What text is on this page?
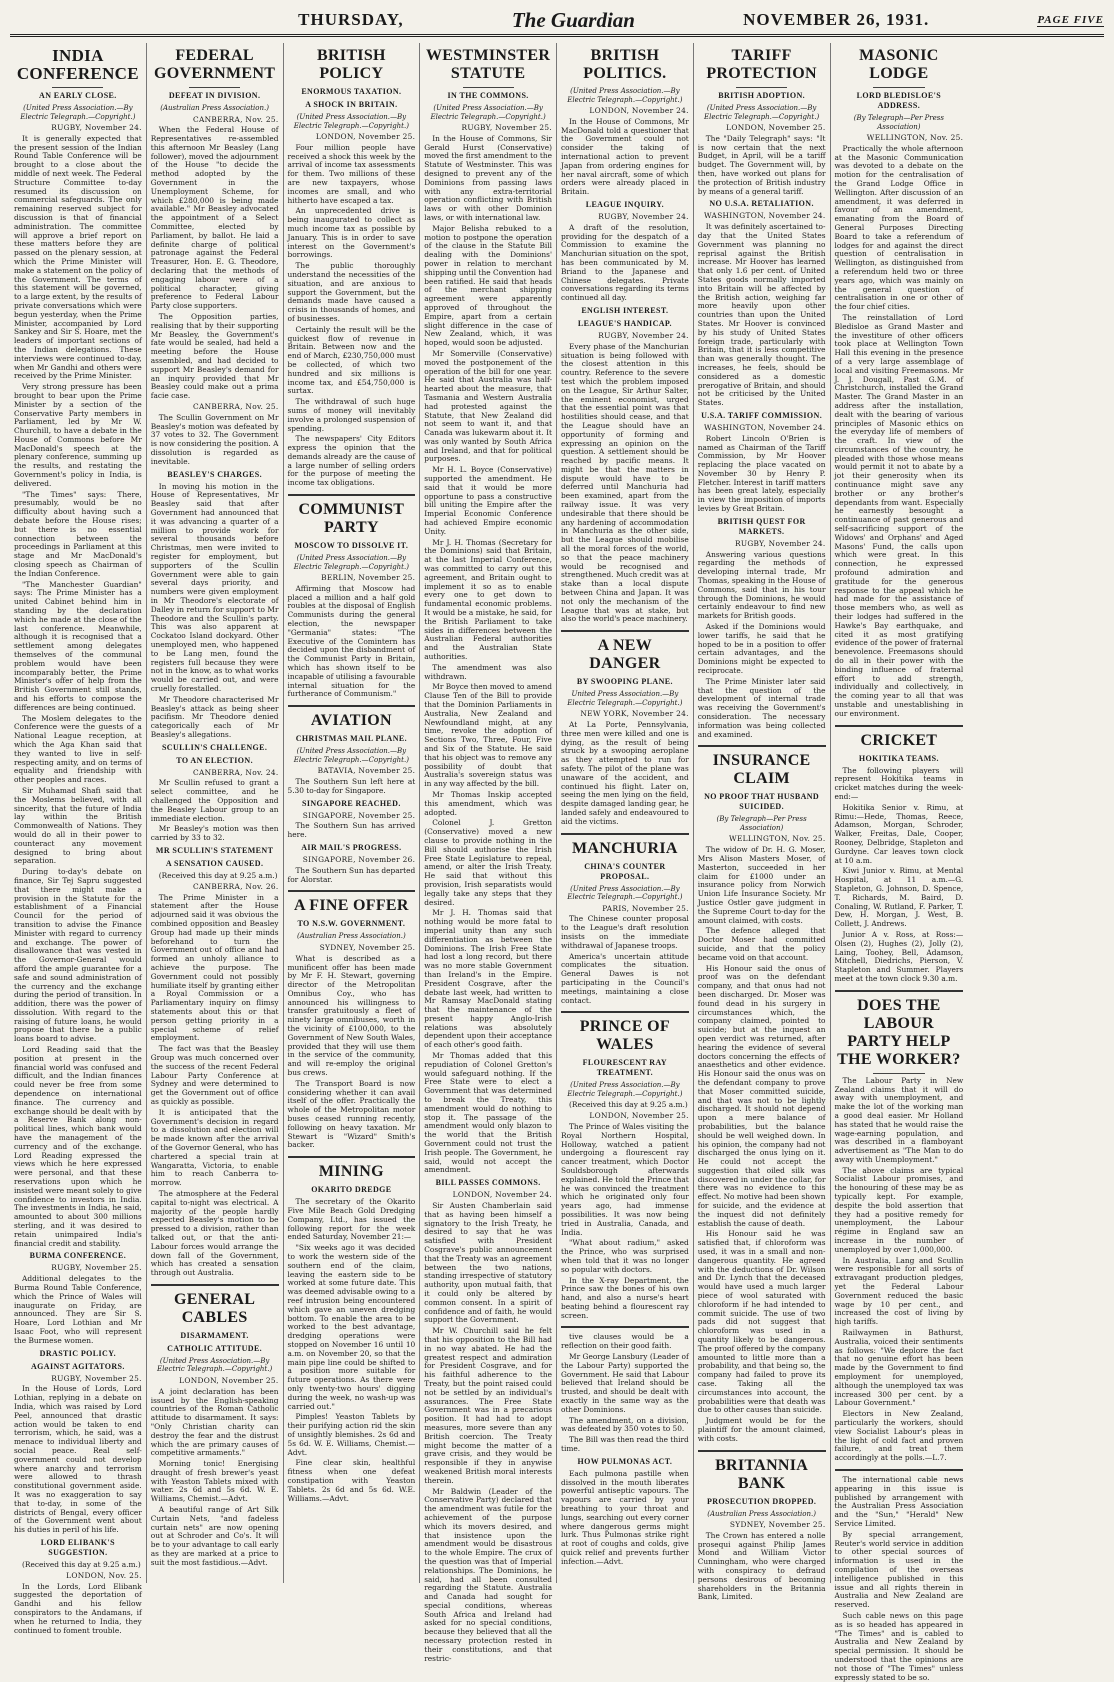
THURSDAY,	The Guardian	NOVEMBER 26, 1931.	PAGE FIVE
INDIA CONFERENCE
AN EARLY CLOSE.
(United Press Association.—By Electric Telegraph.—Copyright.)
RUGBY, November 24.

It is generally expected that the present session of the Indian Round Table Conference will be brought to a close about the middle of next week. The Federal Structure Committee to-day resumed its discussion on commercial safeguards. The only remaining reserved subject for discussion is that of financial administration. The committee will approve a brief report on these matters before they are passed on the plenary session, at which the Prime Minister will make a statement on the policy of the Government. The terms of this statement will be governed, to a large extent, by the results of private conversations which were begun yesterday, when the Prime Minister, accompanied by Lord Sankey and Sir S. Hoare, met the leaders of important sections of the Indian delegations. These interviews were continued to-day, when Mr Gandhi and others were received by the Prime Minister.

Very strong pressure has been brought to bear upon the Prime Minister by a section of the Conservative Party members in Parliament, led by Mr W. Churchill, to have a debate in the House of Commons before Mr MacDonald's speech at the plenary conference, summing up the results, and restating the Government's policy in India, is delivered.

"The Times" says: There, presumably, would be no difficulty about having such a debate before the House rises; but there is no essential connection between the proceedings in Parliament at this stage and Mr MacDonald's closing speech as Chairman of the Indian Conference.

"The Manchester Guardian" says: The Prime Minister has a united Cabinet behind him in standing by the declaration which he made at the close of the last conference. Meanwhile, although it is recognised that a settlement among delegates themselves of the communal problem would have been incomparably better, the Prime Minister's offer of help from the British Government still stands, and his efforts to compose the differences are being continued.

The Moslem delegates to the Conference were the guests of a National League reception, at which the Aga Khan said that they wanted to live in self-respecting amity, and on terms of equality and friendship with other peoples and races.

Sir Muhamad Shafi said that the Moslems believed, with all sincerity, that the future of India lay within the British Commonwealth of Nations. They would do all in their power to counteract any movement designed to bring about separation.

During to-day's debate on finance, Sir Tej Sapru suggested that there might make a provision in the Statute for the establishment of a Financial Council for the period of transition to advise the Finance Minister with regard to currency and exchange. The power of disallowance that was vested in the Governor-General would afford the ample guarantee for a safe and sound administration of the currency and the exchange during the period of transition. In addition, there was the power of dissolution. With regard to the raising of future loans, he would propose that there be a public loans board to advise.

Lord Reading said that the position at present in the financial world was confused and difficult, and the Indian finances could never be free from some dependence on international finance. The currency and exchange should be dealt with by a Reserve Bank along non-political lines, which bank would have the management of the currency and of the exchange. Lord Reading expressed the views which he here expressed were personal, and that these reservations upon which he insisted were meant solely to give confidence to investors in India. The investments in India, he said, amounted to about 300 millions sterling, and it was desired to retain unimpaired India's financial credit and stability.

BURMA CONFERENCE.
RUGBY, November 25.

Additional delegates to the Burma Round Table Conference, which the Prince of Wales will inaugurate on Friday, are announced. They are Sir S. Hoare, Lord Lothian and Mr Isaac Foot, who will represent the Burmese women.

DRASTIC POLICY.
AGAINST AGITATORS.
RUGBY, November 25.

In the House of Lords, Lord Lothian, replying in a debate on India, which was raised by Lord Peel, announced that drastic action would be taken to end terrorism, which, he said, was a menace to individual liberty and social peace. Real self-government could not develop where anarchy and terrorism were allowed to thrash constitutional government aside. It was no exaggeration to say that to-day, in some of the districts of Bengal, every officer of the Government went about his duties in peril of his life.

LORD ELIBANK'S SUGGESTION.

(Received this day at 9.25 a.m.)

LONDON, Nov. 25.

In the Lords, Lord Elibank suggested the deportation of Gandhi and his fellow conspirators to the Andamans, if when he returned to India, they continued to foment trouble.

FEDERAL GOVERNMENT
DEFEAT IN DIVISION.
(Australian Press Association.)
CANBERRA, Nov. 25.

When the Federal House of Representatives re-assembled this afternoon Mr Beasley (Lang follower), moved the adjournment of the House "to decide the method adopted by the Government in the Unemployment Scheme, for which £280,000 is being made available." Mr Beasley advocated the appointment of a Select Committee, elected by Parliament, by ballot. He laid a definite charge of political patronage against the Federal Treasurer, Hon. E. G. Theodore, declaring that the methods of engaging labour were of a political character, giving preference to Federal Labour Party close supporters.

The Opposition parties, realising that by their supporting Mr Beasley, the Government's fate would be sealed, had held a meeting before the House assembled, and had decided to support Mr Beasley's demand for an inquiry provided that Mr Beasley could make out a prima facie case.

CANBERRA, Nov. 25.

The Scullin Government on Mr Beasley's motion was defeated by 37 votes to 32. The Government is now considering the position. A dissolution is regarded as inevitable.

BEASLEY'S CHARGES.

In moving his motion in the House of Representatives, Mr Beasley said that after Government had announced that it was advancing a quarter of a million to provide work for several thousands before Christmas, men were invited to register for employment, but supporters of the Scullin Government were able to gain several days priority, and numbers were given employment in Mr Theodore's electorate of Dalley in return for support to Mr Theodore and the Scullin's party. This was also apparent at Cockatoo Island dockyard. Other unemployed men, who happened to be Lang men, found the registers full because they were not in the know, as to what works would be carried out, and were cruelly forestalled.

Mr Theodore characterised Mr Beasley's attack as being sheer pacifism. Mr Theodore denied categorically each of Mr Beasley's allegations.

SCULLIN'S CHALLENGE.
TO AN ELECTION.
CANBERRA, Nov. 24.

Mr Scullin refused to grant a select committee, and he challenged the Opposition and the Beasley Labour group to an immediate election.

Mr Beasley's motion was then carried by 33 to 32.

MR SCULLIN'S STATEMENT
A SENSATION CAUSED.

(Received this day at 9.25 a.m.)

CANBERRA, Nov. 26.

The Prime Minister in a statement after the House adjourned said it was obvious the combined opposition and Beasley Group had made up their minds beforehand to turn the Government out of office and had formed an unholy alliance to achieve the purpose. The Government could not possibly humiliate itself by granting either a Royal Commission or a Parliamentary inquiry on flimsy statements about this or that person getting priority in a special scheme of relief employment.

The fact was that the Beasley Group was much concerned over the success of the recent Federal Labour Party Conference at Sydney and were determined to get the Government out of office as quickly as possible.

It is anticipated that the Government's decision in regard to a dissolution and election will be made known after the arrival of the Governor General, who has chartered a special train at Wangaratta, Victoria, to enable him to reach Canberra to-morrow.

The atmosphere at the Federal capital to-night was electrical. A majority of the people hardly expected Beasley's motion to be pressed to a division, rather than talked out, or that the anti-Labour forces would arrange the down fall of the Government, which has created a sensation through out Australia.

GENERAL CABLES
DISARMAMENT.
CATHOLIC ATTITUDE.
(United Press Association.—By Electric Telegraph.—Copyright.)
LONDON, November 25.

A joint declaration has been issued by the English-speaking countries of the Roman Catholic attitude to disarmament. It says: "Only Christian charity can destroy the fear and the distrust which the are primary causes of competitive armaments."

Morning tonic! Energising draught of fresh brewer's yeast with Yeaston Tablets mixed with water. 2s 6d and 5s 6d. W. E. Williams, Chemist.—Advt.

A beautiful range of Art Silk Curtain Nets, "and fadeless curtain nets" are now opening out at Schroder and Co's. It will be to your advantage to call early as they are marked at a price to suit the most fastidious.—Advt.

BRITISH POLICY
ENORMOUS TAXATION.
A SHOCK IN BRITAIN.
(United Press Association.—By Electric Telegraph.—Copyright.)
LONDON, November 25.

Four million people have received a shock this week by the arrival of income tax assessments for them. Two millions of these are new taxpayers, whose incomes are small, and who hitherto have escaped a tax.

An unprecedented drive is being inaugurated to collect as much income tax as possible by January. This is in order to save interest on the Government's borrowings.

The public thoroughly understand the necessities of the situation, and are anxious to support the Government, but the demands made have caused a crisis in thousands of homes, and of businesses.

Certainly the result will be the quickest flow of revenue in Britain. Between now and the end of March, £230,750,000 must be collected, of which two hundred and six millions is income tax, and £54,750,000 is surtax.

The withdrawal of such huge sums of money will inevitably involve a prolonged suspension of spending.

The newspapers' City Editors express the opinion that the demands already are the cause of a large number of selling orders for the purpose of meeting the income tax obligations.

COMMUNIST PARTY
MOSCOW TO DISSOLVE IT.
(United Press Association.—By Electric Telegraph.—Copyright.)
BERLIN, November 25.

Affirming that Moscow had placed a million and a half gold roubles at the disposal of English Communists during the general election, the newspaper "Germania" states: "The Executive of the Comintern has decided upon the disbandment of the Communist Party in Britain, which has shown itself to be incapable of utilising a favourable internal situation for the furtherance of Communism."

AVIATION
CHRISTMAS MAIL PLANE.
(United Press Association.—By Electric Telegraph.—Copyright.)
BATAVIA, November 25.

The Southern Sun left here at 5.30 to-day for Singapore.

SINGAPORE REACHED.
SINGAPORE, November 25.

The Southern Sun has arrived here.

AIR MAIL'S PROGRESS.
SINGAPORE, November 26.

The Southern Sun has departed for Alorstar.

A FINE OFFER
TO N.S.W. GOVERNMENT.
(Australian Press Association.)
SYDNEY, November 25.

What is described as a munificent offer has been made by Mr F. H. Stewart, governing director of the Metropolitan Omnibus Coy., who has announced his willingness to transfer gratuitously a fleet of ninety large omnibuses, worth in the vicinity of £100,000, to the Government of New South Wales, provided that they will use them in the service of the community, and will re-employ the original bus crews.

The Transport Board is now considering whether it can avail itself of the offer. Practically the whole of the Metropolitan motor buses ceased running recently, following on heavy taxation. Mr Stewart is "Wizard" Smith's backer.

MINING
OKARITO DREDGE

The secretary of the Okarito Five Mile Beach Gold Dredging Company, Ltd., has issued the following report for the week ended Saturday, November 21:—

"Six weeks ago it was decided to work the western side of the southern end of the claim, leaving the eastern side to be worked at some future date. This was deemed advisable owing to a reef intrusion being encountered which gave an uneven dredging bottom. To enable the area to be worked to the best advantage, dredging operations were stopped on November 16 until 10 a.m. on November 20, so that the main pipe line could be shifted to a position more suitable for future operations. As there were only twenty-two hours' digging during the week, no wash-up was carried out."

Pimples! Yeaston Tablets by their purifying action rid the skin of unsightly blemishes. 2s 6d and 5s 6d. W. E. Williams, Chemist.—Advt.

Fine clear skin, healthful fitness when one defeat constipation with Yeaston Tablets. 2s 6d and 5s 6d. W.E. Williams.—Advt.

WESTMINSTER STATUTE
IN THE COMMONS.
(United Press Association.—By Electric Telegraph.—Copyright.)
RUGBY, November 25.

In the House of Commons, Sir Gerald Hurst (Conservative) moved the first amendment to the Statute of Westminster. This was designed to prevent any of the Dominions from passing laws with any extra-territorial operation conflicting with British laws or with other Dominion laws, or with international law.

Major Belisha rebuked to a motion to postpone the operation of the clause in the Statute Bill dealing with the Dominions' power in relation to merchant shipping until the Convention had been ratified. He said that heads of the merchant shipping agreement were apparently approved of throughout the Empire, apart from a certain slight difference in the case of New Zealand, which, it was hoped, would soon be adjusted.

Mr Somerville (Conservative) moved the postponement of the operation of the bill for one year. He said that Australia was half-hearted about the measure, that Tasmania and Western Australia had protested against the Statute, that New Zealand did not seem to want it, and that Canada was lukewarm about it. It was only wanted by South Africa and Ireland, and that for political purposes.

Mr H. L. Boyce (Conservative) supported the amendment. He said that it would be more opportune to pass a constructive bill uniting the Empire after the Imperial Economic Conference had achieved Empire economic Unity.

Mr J. H. Thomas (Secretary for the Dominions) said that Britain, at the last Imperial Conference, was committed to carry out this agreement, and Britain ought to implement it so as to enable every one to get down to fundamental economic problems. It would be a mistake, he said, for the British Parliament to take sides in differences between the Australian Federal authorities and the Australian State authorities.

The amendment was also withdrawn.

Mr Boyce then moved to amend Clause Ten of the Bill to provide that the Dominion Parliaments in Australia, New Zealand and Newfoundland might, at any time, revoke the adoption of Sections Two, Three, Four, Five and Six of the Statute. He said that his object was to remove any possibility of doubt that Australia's sovereign status was in any way affected by the bill.

Mr Thomas Inskip accepted this amendment, which was adopted.

Colonel J. Gretton (Conservative) moved a new clause to provide nothing in the Bill should authorise the Irish Free State Legislature to repeal, amend, or alter the Irish Treaty. He said that without this provision, Irish separatists would legally take any steps that they desired.

Mr J. H. Thomas said that nothing would be more fatal to imperial unity than any such differentiation as between the Dominions. The Irish Free State had lost a long record, but there was no more stable Government than Ireland's in the Empire. President Cosgrave, after the debate last week, had written to Mr Ramsay MacDonald stating that the maintenance of the present happy Anglo-Irish relations was absolutely dependent upon their acceptance of each other's good faith.

Mr Thomas added that this repudiation of Colonel Gretton's would safeguard nothing. If the Free State were to elect a Government that was determined to break the Treaty, this amendment would do nothing to stop it. The passage of the amendment would only blazon to the world that the British Government could not trust the Irish people. The Government, he said, would not accept the amendment.

BILL PASSES COMMONS.
LONDON, November 24.

Sir Austen Chamberlain said that as having been himself a signatory to the Irish Treaty, he desired to say that he was satisfied with President Cosgrave's public announcement that the Treaty was an agreement between the two nations, standing irrespective of statutory authority, upon mutual faith, that it could only be altered by common consent. In a spirit of confidence and of faith, he would support the Government.

Mr W. Churchill said he felt that his opposition to the Bill had in no way abated. He had the greatest respect and admiration for President Cosgrave, and for his faithful adherence to the Treaty, but the point raised could not be settled by an individual's assurances. The Free State Government was in a precarious position. It had had to adopt measures, more severe than any British coercion. The Treaty might become the matter of a grave crisis, and they would be responsible if they in anywise weakened British moral interests therein.

Mr Baldwin (Leader of the Conservative Party) declared that the amendment was futile for the achievement of the purpose which its movers desired, and that insistence upon the amendment would be disastrous to the whole Empire. The crux of the question was that of Imperial relationships. The Dominions, he said, had all been consulted regarding the Statute. Australia and Canada had sought for special conditions, whereas South Africa and Ireland had asked for no special conditions, because they believed that all the necessary protection rested in their constitutions, and that restric-

BRITISH POLITICS.
(United Press Association.—By Electric Telegraph.—Copyright.)
LONDON, November 24.

In the House of Commons, Mr MacDonald told a questioner that the Government could not consider the taking of international action to prevent Japan from ordering engines for her naval aircraft, some of which orders were already placed in Britain.

LEAGUE INQUIRY.
RUGBY, November 24.

A draft of the resolution, providing for the despatch of a Commission to examine the Manchurian situation on the spot, has been communicated by M. Briand to the Japanese and Chinese delegates. Private conversations regarding its terms continued all day.

ENGLISH INTEREST.
LEAGUE'S HANDICAP.
RUGBY, November 24.

Every phase of the Manchurian situation is being followed with the closest attention in this country. Reference to the severe test which the problem imposed on the League, Sir Arthur Salter, the eminent economist, urged that the essential point was that hostilities should cease, and that the League should have an opportunity of forming and expressing an opinion on the question. A settlement should be reached by pacific means. It might be that the matters in dispute would have to be deferred until Manchuria had been examined, apart from the railway issue. It was very undesirable that there should be any hardening of accommodation in Manchuria as the other side, but the League should mobilise all the moral forces of the world, so that the peace machinery would be recognised and strengthened. Much credit was at stake than a local dispute between China and Japan. It was not only the mechanism of the League that was at stake, but also the world's peace machinery.

A NEW DANGER
BY SWOOPING PLANE.
United Press Association.—By Electric Telegraph.—Copyright.)
NEW YORK, November 24.

At La Porte, Pennsylvania, three men were killed and one is dying, as the result of being struck by a swooping aeroplane as they attempted to run for safety. The pilot of the plane was unaware of the accident, and continued his flight. Later on, seeing the men lying on the field, despite damaged landing gear, he landed safely and endeavoured to aid the victims.

MANCHURIA
CHINA'S COUNTER PROPOSAL.
(United Press Association.—By Electric Telegraph.—Copyright.)
PARIS, November 25.

The Chinese counter proposal to the League's draft resolution insists on the immediate withdrawal of Japanese troops.

America's uncertain attitude complicates the situation. General Dawes is not participating in the Council's meetings, maintaining a close contact.

PRINCE OF WALES
FLOURESCENT RAY TREATMENT.
(United Press Association.—By Electric Telegraph.—Copyright.)

(Received this day at 9.25 a.m.)

LONDON, November 25.

The Prince of Wales visiting the Royal Northern Hospital, Holloway, watched a patient undergoing a flourescent ray cancer treatment, which Doctor Souldsborough afterwards explained. He told the Prince that he was convinced the treatment which he originated only four years ago, had immense possibilities. It was now being tried in Australia, Canada, and India.

"What about radium," asked the Prince, who was surprised when told that it was no longer so popular with doctors.

In the X-ray Department, the Prince saw the bones of his own hand, and also a nurse's heart beating behind a flourescent ray screen.

tive clauses would be a reflection on their good faith.

Mr George Lansbury (Leader of the Labour Party) supported the Government. He said that Labour believed that Ireland should be trusted, and should be dealt with exactly in the same way as the other Dominions.

The amendment, on a division, was defeated by 350 votes to 50.

The Bill was then read the third time.

HOW PULMONAS ACT.

Each pulmona pastille when dissolved in the mouth liberates powerful antiseptic vapours. The vapours are carried by your breathing to your throat and lungs, searching out every corner where dangerous germs might lurk. Thus Pulmonas strike right at root of coughs and colds, give quick relief and prevents further infection.—Advt.

TARIFF PROTECTION
BRITISH ADOPTION.
(United Press Association.—By Electric Telegraph.—Copyright.)
LONDON, November 25.

The "Daily Telegraph" says: "It is now certain that the next Budget, in April, will be a tariff budget. The Government will, by then, have worked out plans for the protection of British industry by means of a general tariff.

NO U.S.A. RETALIATION.
WASHINGTON, November 24.

It was definitely ascertained to-day that the United States Government was planning no reprisal against the British increase. Mr Hoover has learned that only 1.6 per cent. of United States goods normally imported into Britain will be affected by the British action, weighing far more heavily upon other countries than upon the United States. Mr Hoover is convinced by his study of United States foreign trade, particularly with Britain, that it is less competitive than was generally thought. The increases, he feels, should be considered as a domestic prerogative of Britain, and should not be criticised by the United States.

U.S.A. TARIFF COMMISSION.
WASHINGTON, November 24.

Robert Lincoln O'Brien is named as Chairman of the Tariff Commission, by Mr Hoover replacing the place vacated on November 30 by Henry P. Fletcher. Interest in tariff matters has been great lately, especially in view the imposition of imports levies by Great Britain.

BRITISH QUEST FOR MARKETS.
RUGBY, November 24.

Answering various questions regarding the methods of developing internal trade, Mr Thomas, speaking in the House of Commons, said that in his tour through the Dominions, he would certainly endeavour to find new markets for British goods.

Asked if the Dominions would lower tariffs, he said that he hoped to be in a position to offer certain advantages, and the Dominions might be expected to reciprocate.

The Prime Minister later said that the question of the development of internal trade was receiving the Government's consideration. The necessary information was being collected and examined.

INSURANCE CLAIM
NO PROOF THAT HUSBAND SUICIDED.
(By Telegraph—Per Press Association)
WELLINGTON, Nov. 25.

The widow of Dr. H. G. Moser, Mrs Alison Masters Moser, of Masterton, succeeded in her claim for £1000 under an insurance policy from Norwich Union Life Insurance Society. Mr Justice Ostler gave judgment in the Supreme Court to-day for the amount claimed, with costs.

The defence alleged that Doctor Moser had committed suicide, and that the policy became void on that account.

His Honour said the onus of proof was on the defendant company, and that onus had not been discharged. Dr. Moser was found dead in his surgery in circumstances which, the company claimed, pointed to suicide; but at the inquest an open verdict was returned, after hearing the evidence of several doctors concerning the effects of anaesthetics and other evidence. His Honour said the onus was on the defendant company to prove that Moser committed suicide, and that was not to be lightly discharged. It should not depend upon a mere balance of probabilities, but the balance should be well weighed down. In his opinion, the company had not discharged the onus lying on it. He could not accept the suggestion that oiled silk was discovered in under the collar, for there was no evidence to this effect. No motive had been shown for suicide, and the evidence at the inquest did not definitely establish the cause of death.

His Honour said he was satisfied that, if chloroform was used, it was in a small and non-dangerous quantity. He agreed with the deductions of Dr. Wilson and Dr. Lynch that the deceased would have used a much larger piece of wool saturated with chloroform if he had intended to commit suicide. The use of two pads did not suggest that chloroform was used in a quantity likely to be dangerous. The proof offered by the company amounted to little more than a probability, and that being so, the company had failed to prove its case. Taking all the circumstances into account, the probabilities were that death was due to other causes than suicide.

Judgment would be for the plaintiff for the amount claimed, with costs.

BRITANNIA BANK
PROSECUTION DROPPED.
(Australian Press Association.)
SYDNEY, November 25.

The Crown has entered a nolle prosequi against Philip James Mond and William Victor Cunningham, who were charged with conspiracy to defraud persons desirous of becoming shareholders in the Britannia Bank, Limited.

MASONIC LODGE
LORD BLEDISLOE'S ADDRESS.
(By Telegraph—Per Press Association)
WELLINGTON, Nov. 25.

Practically the whole afternoon at the Masonic Communication was devoted to a debate on the motion for the centralisation of the Grand Lodge Office in Wellington. After discussion of an amendment, it was deferred in favour of an amendment, emanating from the Board of General Purposes Directing Board to take a referendum of lodges for and against the direct question of centralisation in Wellington, as distinguished from a referendum held two or three years ago, which was mainly on the general question of centralisation in one or other of the four chief cities.

The reinstallation of Lord Bledisloe as Grand Master and the investiture of other officers took place at Wellington Town Hall this evening in the presence of a very large assemblage of local and visiting Freemasons. Mr J. J. Dougall, Past G.M. of Christchurch, installed the Grand Master. The Grand Master in an address after the installation, dealt with the bearing of various principles of Masonic ethics on the everyday life of members of the craft. In view of the circumstances of the country, he pleaded with those whose means would permit it not to abate by a jot their generosity when its continuance might save any brother or any brother's dependants from want. Especially he earnestly besought a continuance of past generous and self-sacrificing support of the Widows' and Orphans' and Aged Masons' Fund, the calls upon which were great. In this connection, he expressed profound admiration and gratitude for the generous response to the appeal which he had made for the assistance of those members who, as well as their lodges had suffered in the Hawke's Bay earthquake, and cited it as most gratifying evidence of the power of fraternal benevolence. Freemasons should do all in their power with the binding influence of fraternal effort to add strength, individually and collectively, in the coming year to all that was unstable and unestablishing in our environment.

CRICKET
HOKITIKA TEAMS.

The following players will represent Hokitika teams in cricket matches during the week-end:—

Hokitika Senior v. Rimu, at Rimu:—Hede, Thomas, Reece, Adamson, Morgan, Schroder, Walker, Freitas, Dale, Cooper, Rooney, Delbridge, Stapleton and Gurdyne. Car leaves town clock at 10 a.m.

Kiwi Junior v. Rimu, at Mental Hospital, at 11 a.m.—G. Stapleton, G. Johnson, D. Spence, T. Richards, M. Baird, D. Conaling, W. Rutland, F. Parker, T. Dew, H. Morgan, J. West, B. Collett, J. Andrews.

Junior A v. Ross, at Ross:—Olsen (2), Hughes (2), Jolly (2), Laing, Toohey, Bell, Adamson, Mitchell, Diedrichs, Pierson, V. Stapleton and Summer. Players meet at the town clock 9.30 a.m.

DOES THE LABOUR PARTY HELP THE WORKER?

The Labour Party in New Zealand claims that it will do away with unemployment, and make the lot of the working man a good deal easier. Mr Holland has stated that he would raise the wage-earning population, and was described in a flamboyant advertisement as "The Man to do away with Unemployment."

The above claims are typical Socialist Labour promises, and the honouring of these may be as typically kept. For example, despite the bold assertion that they had a positive remedy for unemployment, the Labour régime in England saw an increase in the number of unemployed by over 1,000,000.

In Australia, Lang and Scullin were responsible for all sorts of extravagant production pledges, yet the Federal Labour Government reduced the basic wage by 10 per cent., and increased the cost of living by high tariffs.

Railwaymen in Bathurst, Australia, voiced their sentiments as follows: "We deplore the fact that no genuine effort has been made by the Government to find employment for unemployed, although the unemployed tax was increased 300 per cent. by a Labour Government."

Electors in New Zealand, particularly the workers, should view Socialist Labour's pleas in the light of cold fact and proven failure, and treat them accordingly at the polls.—L.7.

The international cable news appearing in this issue is published by arrangement with the Australian Press Association and the "Sun," "Herald" New Service Limited.

By special arrangement, Reuter's world service in addition to other special sources of information is used in the compilation of the overseas intelligence published in this issue and all rights therein in Australia and New Zealand are reserved.

Such cable news on this page as is so headed has appeared in "The Times" and is cabled to Australia and New Zealand by special permission. It should be understood that the opinions are not those of "The Times" unless expressly stated to be so.
